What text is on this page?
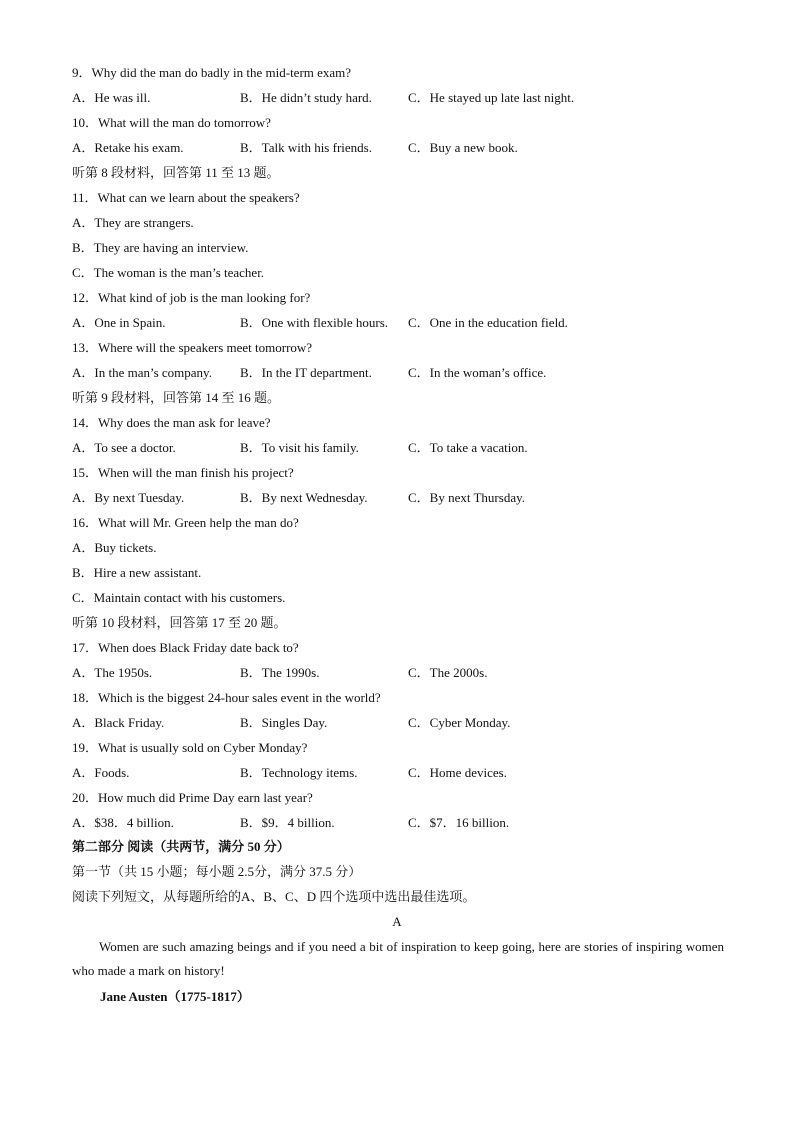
9．Why did the man do badly in the mid-term exam?
A．He was ill.	B．He didn’t study hard.	C．He stayed up late last night.
10．What will the man do tomorrow?
A．Retake his exam.	B．Talk with his friends.	C．Buy a new book.
听第 8 段材料，回答第 11 至 13 题。
11．What can we learn about the speakers?
A．They are strangers.
B．They are having an interview.
C．The woman is the man’s teacher.
12．What kind of job is the man looking for?
A．One in Spain.	B．One with flexible hours. C．One in the education field.
13．Where will the speakers meet tomorrow?
A．In the man’s company. B．In the IT department.	C．In the woman’s office.
听第 9 段材料，回答第 14 至 16 题。
14．Why does the man ask for leave?
A．To see a doctor.	B．To visit his family.	C．To take a vacation.
15．When will the man finish his project?
A．By next Tuesday.	B．By next Wednesday.	C．By next Thursday.
16．What will Mr. Green help the man do?
A．Buy tickets.
B．Hire a new assistant.
C．Maintain contact with his customers.
听第 10 段材料，回答第 17 至 20 题。
17．When does Black Friday date back to?
A．The 1950s.	B．The 1990s.	C．The 2000s.
18．Which is the biggest 24-hour sales event in the world?
A．Black Friday.	B．Singles Day.	C．Cyber Monday.
19．What is usually sold on Cyber Monday?
A．Foods.	B．Technology items.	C．Home devices.
20．How much did Prime Day earn last year?
A．$38．4 billion.	B．$9．4 billion.	C．$7．16 billion.
第二部分 阅读（共两节，满分 50 分）
第一节（共 15 小题；每小题 2.5分，满分 37.5 分）
阅读下列短文，从每题所给的A、B、C、D 四个选项中选出最佳选项。
A
Women are such amazing beings and if you need a bit of inspiration to keep going, here are stories of inspiring women who made a mark on history!
Jane Austen（1775-1817）
